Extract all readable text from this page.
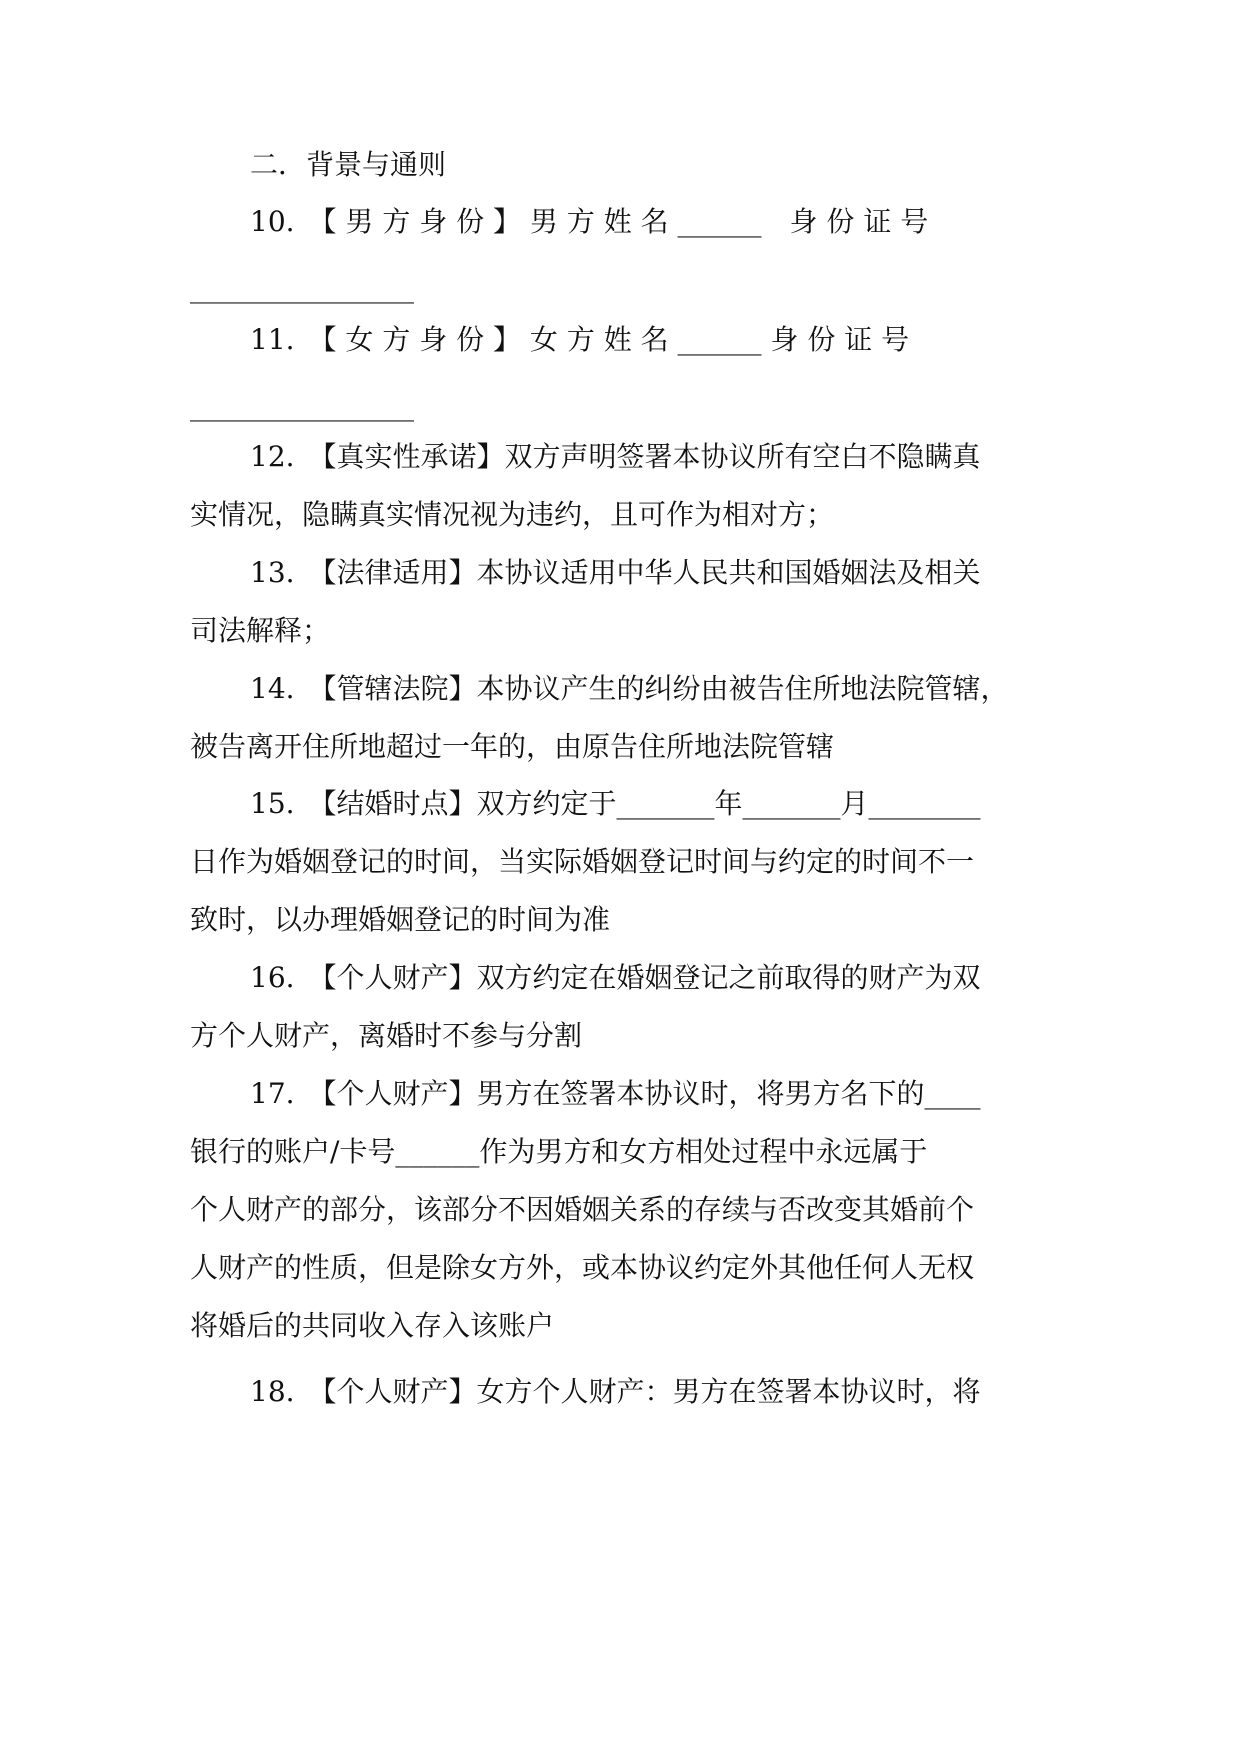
二．背景与通则
10.　【 男 方 身 份 】 男 方 姓 名 ______　身 份 证 号
________________
11.　【 女 方 身 份 】 女 方 姓 名 ______ 身 份 证 号
________________
12.　【真实性承诺】双方声明签署本协议所有空白不隐瞒真
实情况，隐瞒真实情况视为违约，且可作为相对方；
13.　【法律适用】本协议适用中华人民共和国婚姻法及相关
司法解释；
14.　【管辖法院】本协议产生的纠纷由被告住所地法院管辖，
被告离开住所地超过一年的，由原告住所地法院管辖
15.　【结婚时点】双方约定于_______年_______月________
日作为婚姻登记的时间，当实际婚姻登记时间与约定的时间不一
致时，以办理婚姻登记的时间为准
16.　【个人财产】双方约定在婚姻登记之前取得的财产为双
方个人财产，离婚时不参与分割
17.　【个人财产】男方在签署本协议时，将男方名下的____
银行的账户/卡号______作为男方和女方相处过程中永远属于
个人财产的部分，该部分不因婚姻关系的存续与否改变其婚前个
人财产的性质，但是除女方外，或本协议约定外其他任何人无权
将婚后的共同收入存入该账户
18.　【个人财产】女方个人财产：男方在签署本协议时，将
